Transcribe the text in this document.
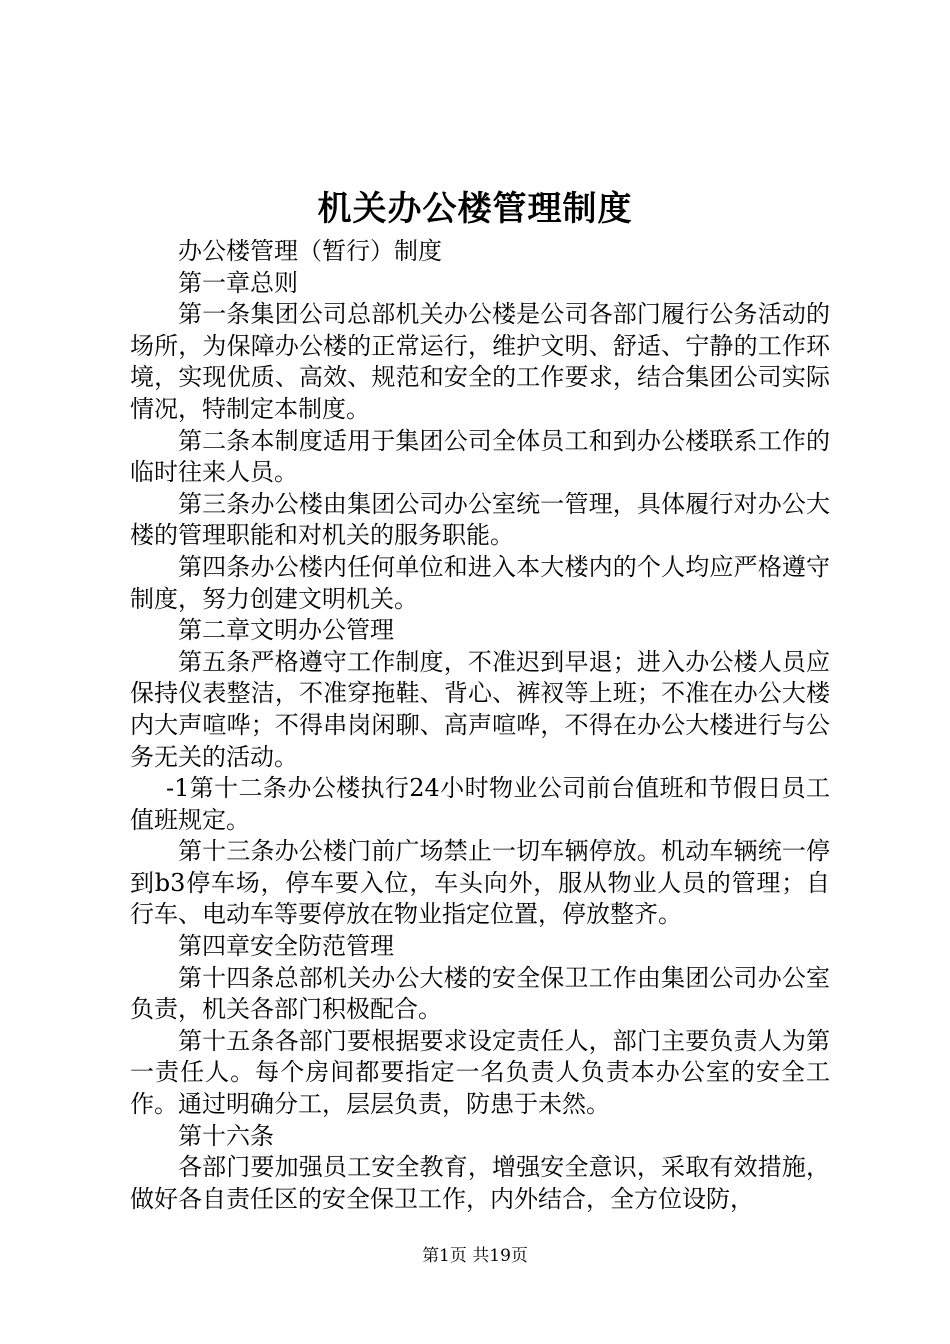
机关办公楼管理制度

办公楼管理（暂行）制度

第一章总则

第一条集团公司总部机关办公楼是公司各部门履行公务活动的场所，为保障办公楼的正常运行，维护文明、舒适、宁静的工作环境，实现优质、高效、规范和安全的工作要求，结合集团公司实际情况，特制定本制度。

第二条本制度适用于集团公司全体员工和到办公楼联系工作的临时往来人员。

第三条办公楼由集团公司办公室统一管理，具体履行对办公大楼的管理职能和对机关的服务职能。

第四条办公楼内任何单位和进入本大楼内的个人均应严格遵守制度，努力创建文明机关。

第二章文明办公管理

第五条严格遵守工作制度，不准迟到早退；进入办公楼人员应保持仪表整洁，不准穿拖鞋、背心、裤衩等上班；不准在办公大楼内大声喧哗；不得串岗闲聊、高声喧哗，不得在办公大楼进行与公务无关的活动。

-1第十二条办公楼执行24小时物业公司前台值班和节假日员工值班规定。

第十三条办公楼门前广场禁止一切车辆停放。机动车辆统一停到b3停车场，停车要入位，车头向外，服从物业人员的管理；自行车、电动车等要停放在物业指定位置，停放整齐。

第四章安全防范管理

第十四条总部机关办公大楼的安全保卫工作由集团公司办公室负责，机关各部门积极配合。

第十五条各部门要根据要求设定责任人，部门主要负责人为第一责任人。每个房间都要指定一名负责人负责本办公室的安全工作。通过明确分工，层层负责，防患于未然。

第十六条

各部门要加强员工安全教育，增强安全意识，采取有效措施，做好各自责任区的安全保卫工作，内外结合，全方位设防，

第1页 共19页
